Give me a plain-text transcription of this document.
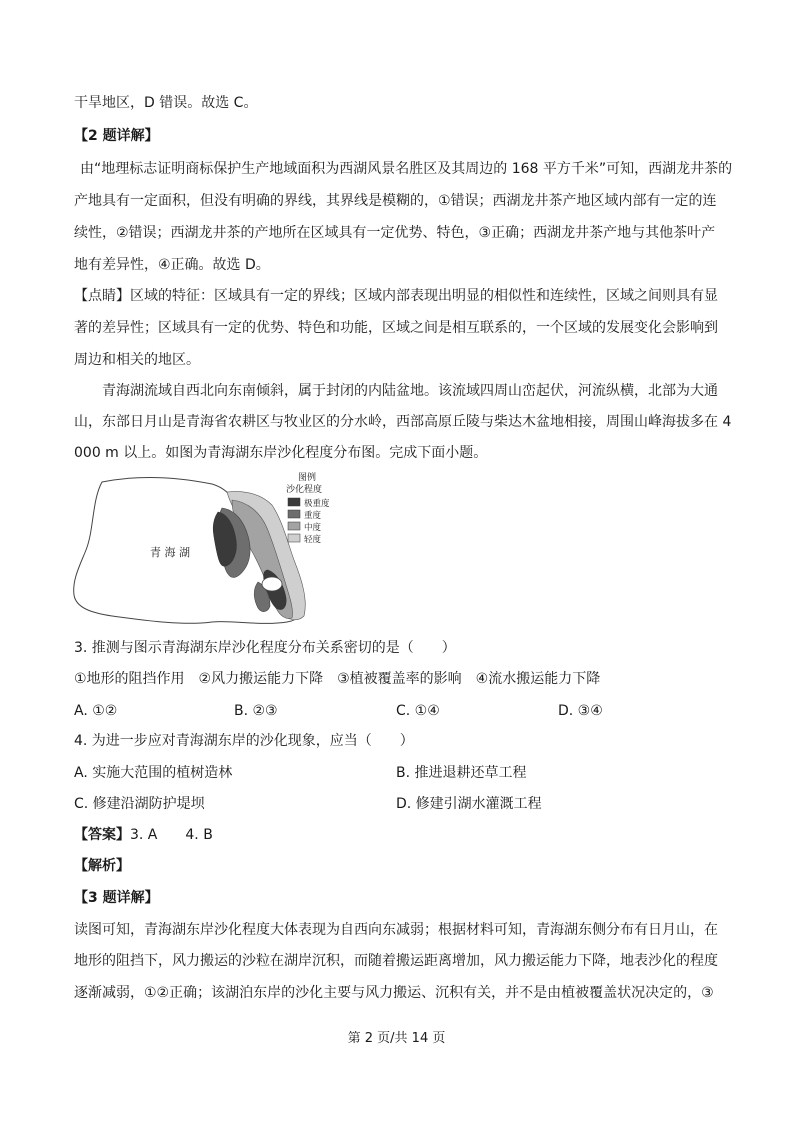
干旱地区，D 错误。故选 C。
【2 题详解】
由“地理标志证明商标保护生产地域面积为西湖风景名胜区及其周边的 168 平方千米”可知，西湖龙井茶的
产地具有一定面积，但没有明确的界线，其界线是模糊的，①错误；西湖龙井茶产地区域内部有一定的连
续性，②错误；西湖龙井茶的产地所在区域具有一定优势、特色，③正确；西湖龙井茶产地与其他茶叶产
地有差异性，④正确。故选 D。
【点睛】区域的特征：区域具有一定的界线；区域内部表现出明显的相似性和连续性，区域之间则具有显
著的差异性；区域具有一定的优势、特色和功能，区域之间是相互联系的，一个区域的发展变化会影响到
周边和相关的地区。
青海湖流域自西北向东南倾斜，属于封闭的内陆盆地。该流域四周山峦起伏，河流纵横，北部为大通
山，东部日月山是青海省农耕区与牧业区的分水岭，西部高原丘陵与柴达木盆地相接，周围山峰海拔多在 4
000 m 以上。如图为青海湖东岸沙化程度分布图。完成下面小题。
青 海 湖
图例
沙化程度
极重度
重度
中度
轻度
3. 推测与图示青海湖东岸沙化程度分布关系密切的是（　　）
①地形的阻挡作用　②风力搬运能力下降　③植被覆盖率的影响　④流水搬运能力下降
A. ①②	B. ②③	C. ①④	D. ③④
4. 为进一步应对青海湖东岸的沙化现象，应当（　　）
A. 实施大范围的植树造林	B. 推进退耕还草工程
C. 修建沿湖防护堤坝	D. 修建引湖水灌溉工程
【答案】3. A　　4. B
【解析】
【3 题详解】
读图可知，青海湖东岸沙化程度大体表现为自西向东减弱；根据材料可知，青海湖东侧分布有日月山，在
地形的阻挡下，风力搬运的沙粒在湖岸沉积，而随着搬运距离增加，风力搬运能力下降，地表沙化的程度
逐渐减弱，①②正确；该湖泊东岸的沙化主要与风力搬运、沉积有关，并不是由植被覆盖状况决定的，③
第 2 页/共 14 页
